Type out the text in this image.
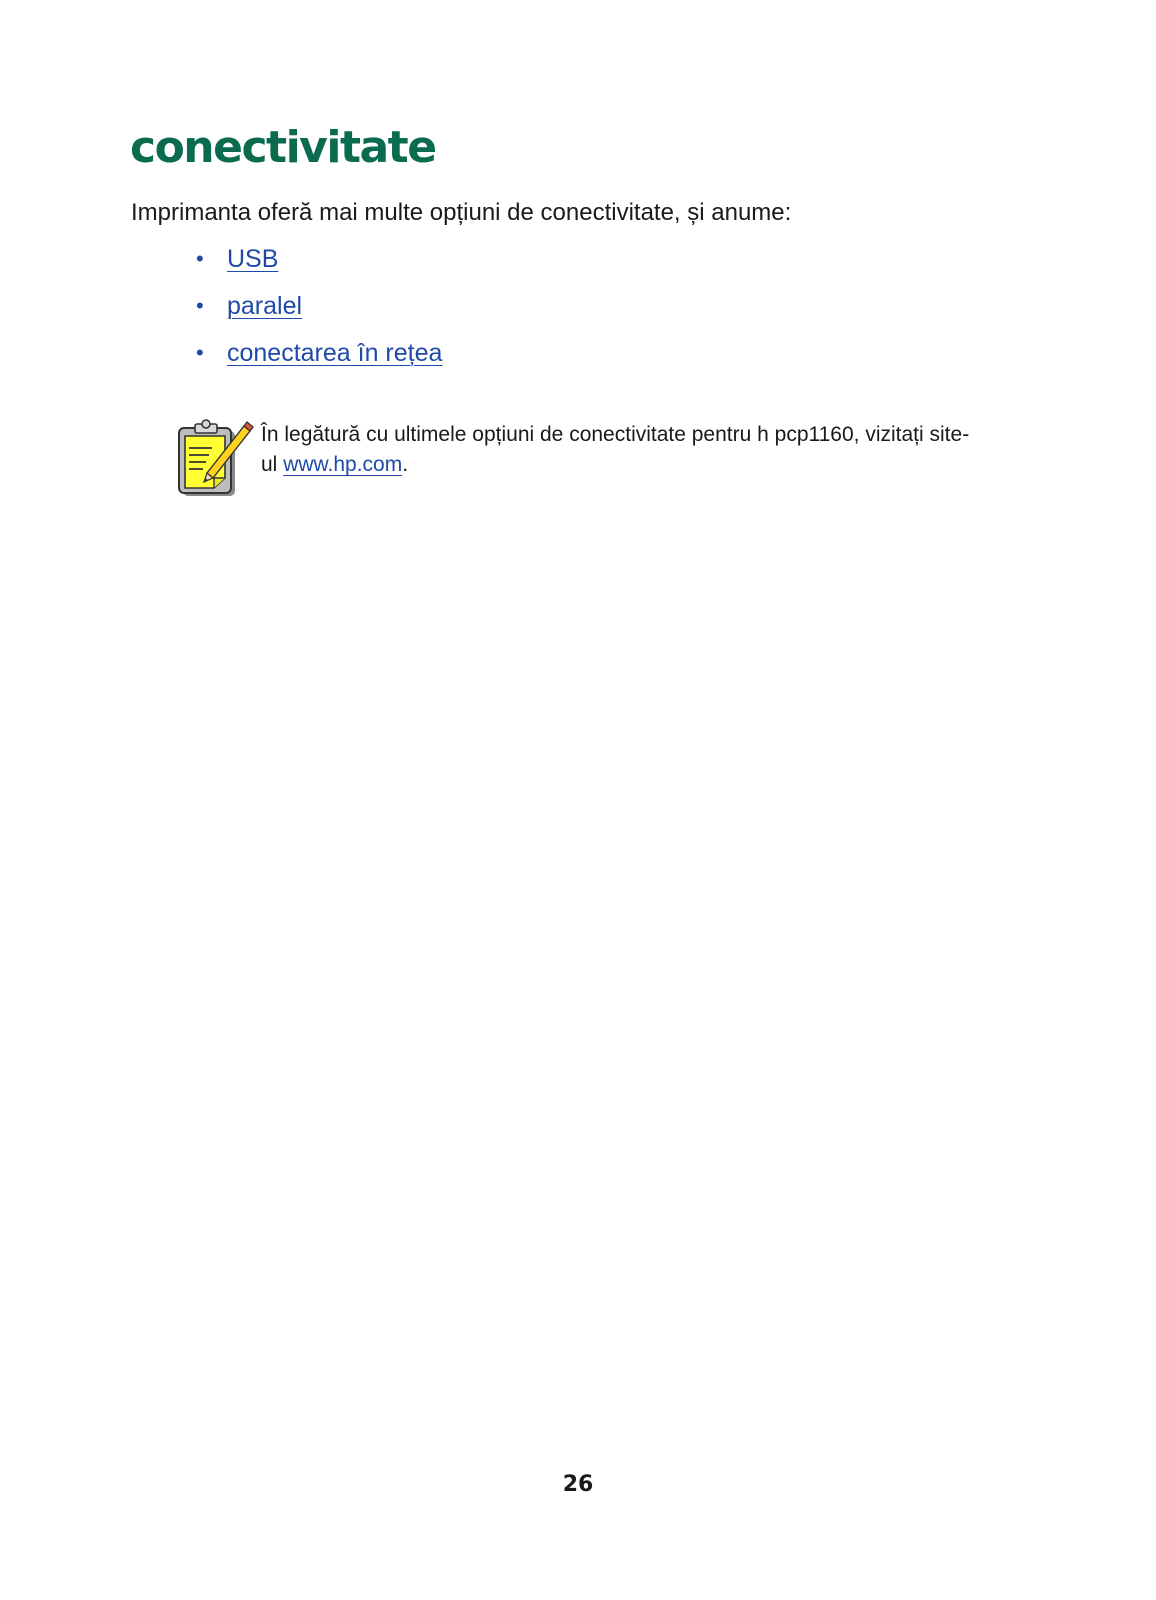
conectivitate

Imprimanta oferă mai multe opțiuni de conectivitate, și anume:

• USB
• paralel
• conectarea în rețea

În legătură cu ultimele opțiuni de conectivitate pentru h pcp1160, vizitați site-ul www.hp.com.

26
